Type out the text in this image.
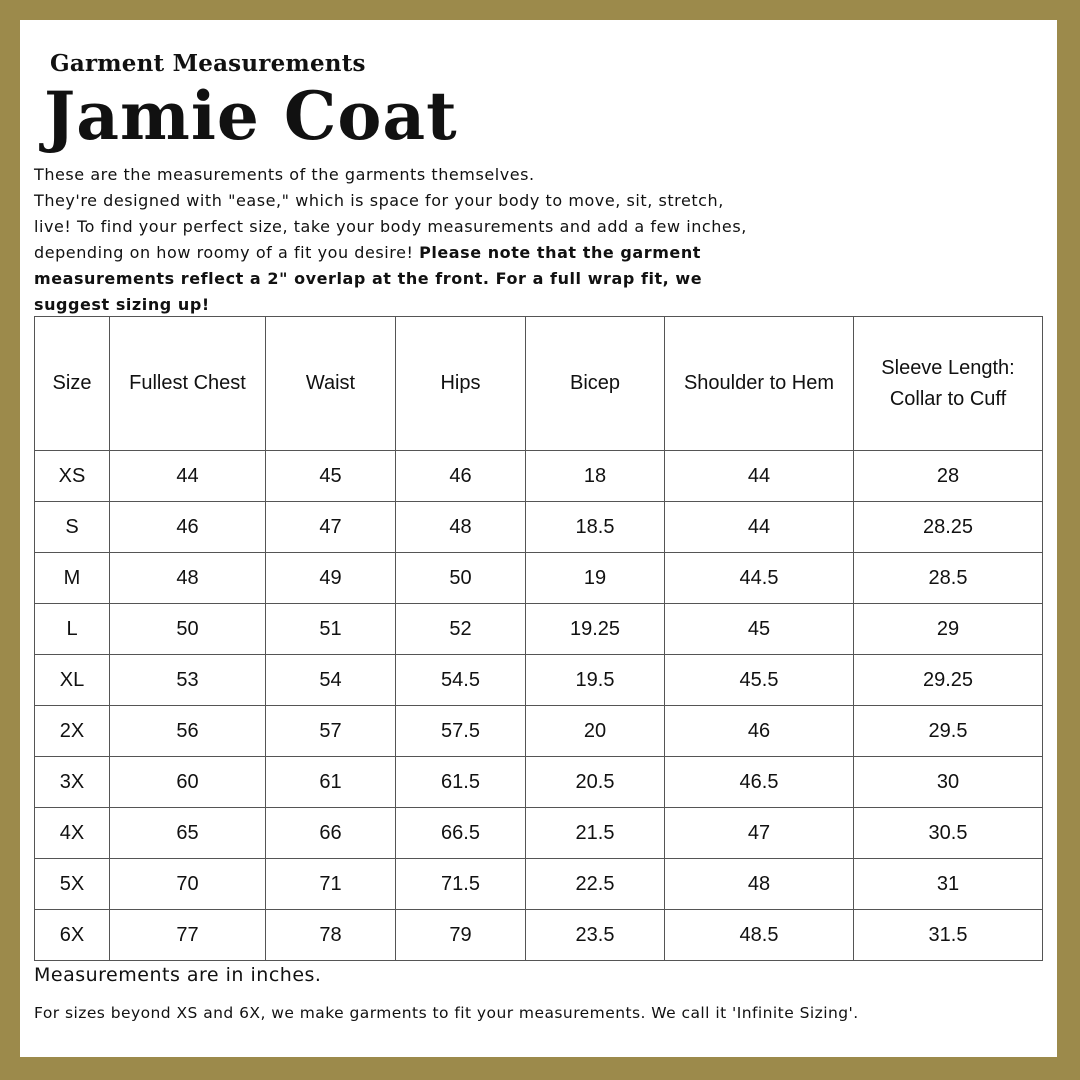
Garment Measurements
Jamie Coat

These are the measurements of the garments themselves.
They're designed with "ease," which is space for your body to move, sit, stretch, live! To find your perfect size, take your body measurements and add a few inches, depending on how roomy of a fit you desire! Please note that the garment measurements reflect a 2" overlap at the front. For a full wrap fit, we suggest sizing up!

Size	Fullest Chest	Waist	Hips	Bicep	Shoulder to Hem	Sleeve Length: Collar to Cuff
XS	44	45	46	18	44	28
S	46	47	48	18.5	44	28.25
M	48	49	50	19	44.5	28.5
L	50	51	52	19.25	45	29
XL	53	54	54.5	19.5	45.5	29.25
2X	56	57	57.5	20	46	29.5
3X	60	61	61.5	20.5	46.5	30
4X	65	66	66.5	21.5	47	30.5
5X	70	71	71.5	22.5	48	31
6X	77	78	79	23.5	48.5	31.5

Measurements are in inches.

For sizes beyond XS and 6X, we make garments to fit your measurements. We call it 'Infinite Sizing'.
